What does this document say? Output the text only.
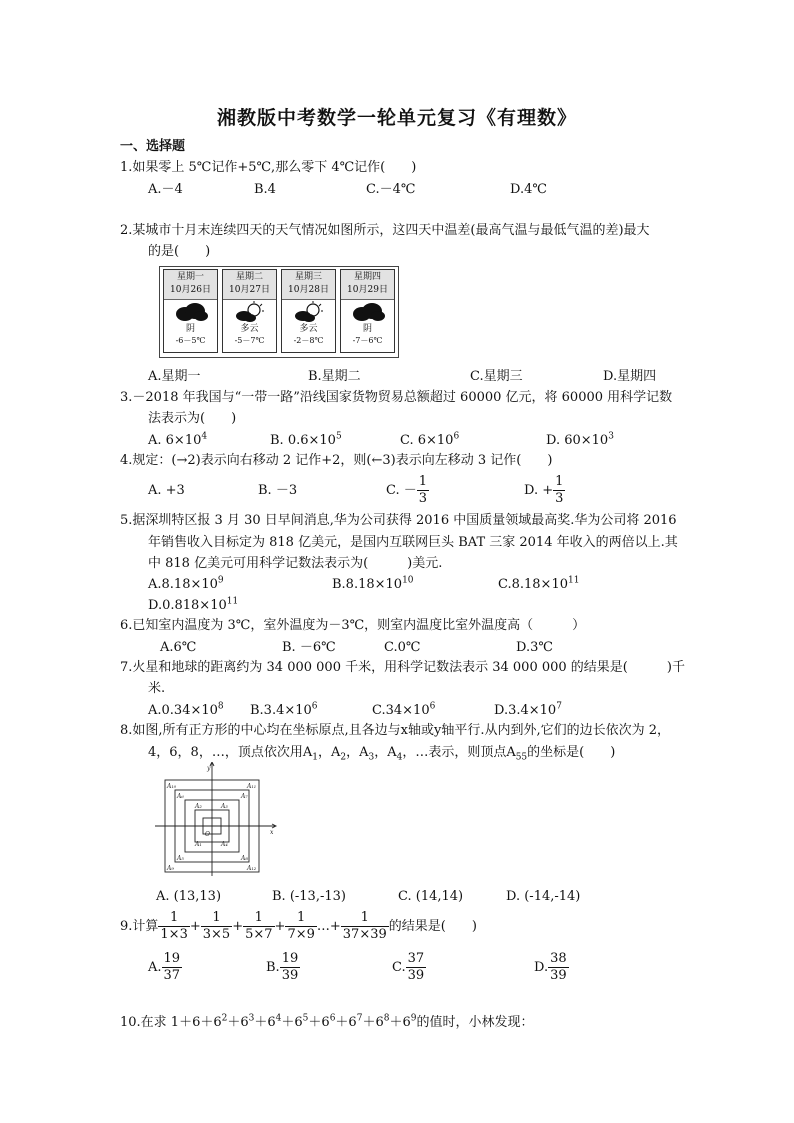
湘教版中考数学一轮单元复习《有理数》
一、选择题
1.如果零上 5℃记作+5℃,那么零下 4℃记作(　　)
A.－4	B.4	C.－4℃	D.4℃
2.某城市十月末连续四天的天气情况如图所示，这四天中温差(最高气温与最低气温的差)最大
的是(　　)
星期一
10月26日
阴
-6－5℃
星期二
10月27日
多云
-5－7℃
星期三
10月28日
多云
-2－8℃
星期四
10月29日
阴
-7－6℃
A.星期一	B.星期二	C.星期三	D.星期四
3.－2018 年我国与“一带一路”沿线国家货物贸易总额超过 60000 亿元，将 60000 用科学记数
法表示为(　　)
A. $6\times 10^4$	B. $0.6\times 10^5$	C. $6\times 10^6$	D. $60\times 10^3$
4.规定：(→2)表示向右移动 2 记作+2，则(←3)表示向左移动 3 记作(　　)
A. +3	B. －3	C. － $\frac{1}{3}$	D. + $\frac{1}{3}$
5.据深圳特区报 3 月 30 日早间消息,华为公司获得 2016 中国质量领域最高奖.华为公司将 2016
年销售收入目标定为 818 亿美元，是国内互联网巨头 BAT 三家 2014 年收入的两倍以上.其
中 818 亿美元可用科学记数法表示为(　　　)美元.
$A.8.18\times 10^9$	$B.8.18\times 10^{10}$	$C.8.18\times 10^{11}$
$D.0.818\times 10^{11}$
6.已知室内温度为 3℃，室外温度为－3℃，则室内温度比室外温度高（　　　）
A.6℃	B. －6℃	C.0℃	D.3℃
7.火星和地球的距离约为 34 000 000 千米，用科学记数法表示 34 000 000 的结果是(　　　)千
米.
$A.0.34\times 10^8$ $B.3.4\times 10^6$	$C.34\times 10^6$	$D.3.4\times 10^7$
8.如图,所有正方形的中心均在坐标原点,且各边与x轴或y轴平行.从内到外,它们的边长依次为 2，
4，6，8，…，顶点依次用$A_1$，$A_2$，$A_3$，$A_4$，…表示，则顶点$A_{55}$的坐标是(　　)
y
x
O
A₁₀	A₁₁
A₆	A₇
A₂	A₃
A₁	A₄
A₅	A₈
A₉	A₁₂
A. (13,13)	B. (-13,-13)	C. (14,14)	D. (-14,-14)
9.计算 $\frac{1}{1\times 3} + \frac{1}{3\times 5} + \frac{1}{5\times 7} + \frac{1}{7\times 9}$ …+ $\frac{1}{37\times 39}$ 的结果是(　　)
A. $\frac{19}{37}$	B. $\frac{19}{39}$	C. $\frac{37}{39}$	D. $\frac{38}{39}$
10.在求 $1+6+6^2+6^3+6^4+6^5+6^6+6^7+6^8+6^9$的值时，小林发现：
